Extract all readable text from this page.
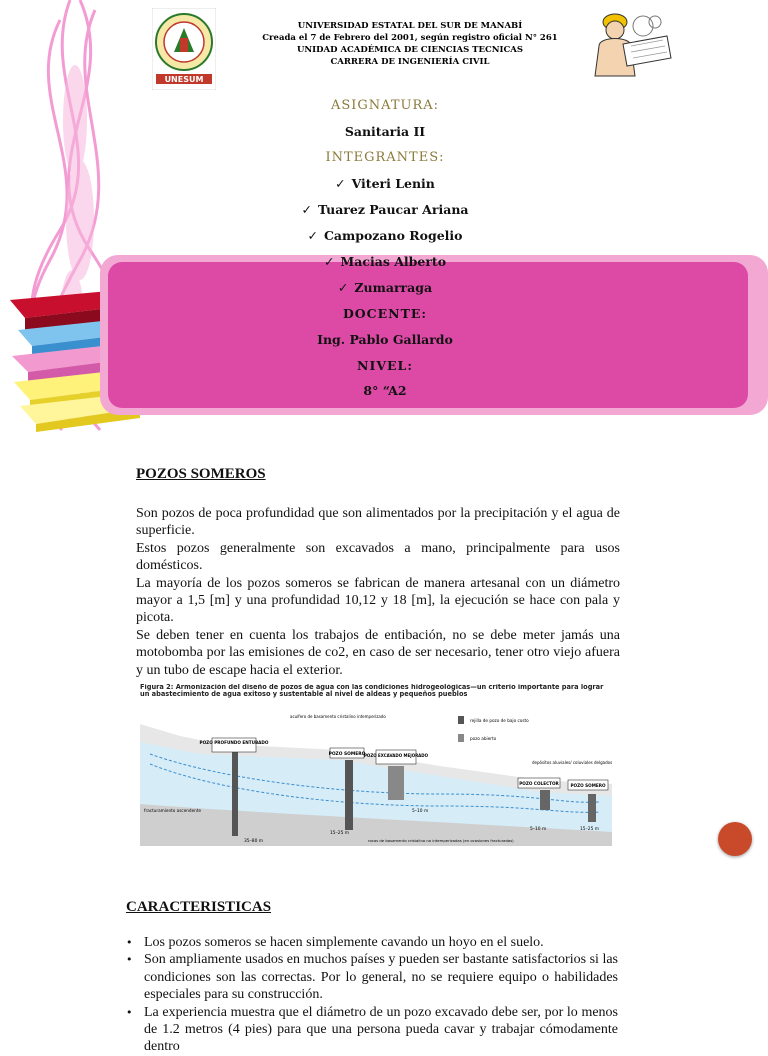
UNESUM
UNIVERSIDAD ESTATAL DEL SUR DE MANABÍ
Creada el 7 de Febrero del 2001, según registro oficial N° 261
UNIDAD ACADÉMICA DE CIENCIAS TECNICAS
CARRERA DE INGENIERÍA CIVIL
ASIGNATURA:
Sanitaria II
INTEGRANTES:
✓ Viteri Lenin
✓ Tuarez Paucar Ariana
✓ Campozano Rogelio
✓ Macias Alberto
✓ Zumarraga
DOCENTE:
Ing. Pablo Gallardo
NIVEL:
8° “A2
POZOS SOMEROS
Son pozos de poca profundidad que son alimentados por la precipitación y el agua de superficie.
Estos pozos generalmente son excavados a mano, principalmente para usos domésticos.
La mayoría de los pozos someros se fabrican de manera artesanal con un diámetro mayor a 1,5 [m] y una profundidad 10,12 y 18 [m], la ejecución se hace con pala y picota.
Se deben tener en cuenta los trabajos de entibación, no se debe meter jamás una motobomba por las emisiones de co2, en caso de ser necesario, tener otro viejo afuera y un tubo de escape hacia el exterior.
Figura 2: Armonización del diseño de pozos de agua con las condiciones hidrogeológicas—un criterio importante para lograr un abastecimiento de agua exitoso y sustentable al nivel de aldeas y pequeños pueblos
POZO PROFUNDO ENTUBADO
acuífero de basamento cristalino intemperizado
POZO SOMERO
POZO EXCAVADO MEJORADO
rejilla de pozo de bajo costo
pozo abierto
depósitos aluviales/ coluviales delgados
POZO COLECTOR	POZO SOMERO
fracturamiento ascendente
35–80 m
15–25 m
5–10 m
5–10 m	15–25 m
rocas de basamento cristalino no intemperizadas (en ocasiones fracturadas)
CARACTERISTICAS
• Los pozos someros se hacen simplemente cavando un hoyo en el suelo.
• Son ampliamente usados en muchos países y pueden ser bastante satisfactorios si las condiciones son las correctas. Por lo general, no se requiere equipo o habilidades especiales para su construcción.
• La experiencia muestra que el diámetro de un pozo excavado debe ser, por lo menos de 1.2 metros (4 pies) para que una persona pueda cavar y trabajar cómodamente dentro
